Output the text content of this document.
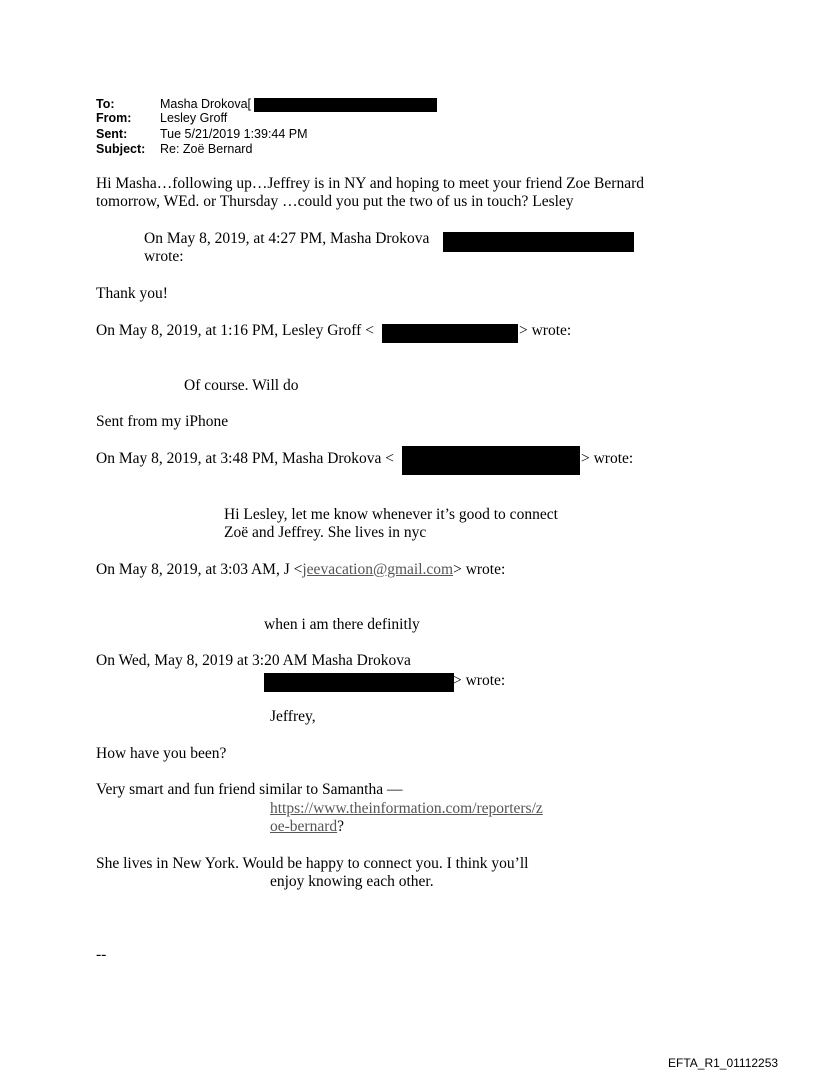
To:	Masha Drokova[
From: Lesley Groff
Sent:	Tue 5/21/2019 1:39:44 PM
Subject: Re: Zoë Bernard
Hi Masha…following up…Jeffrey is in NY and hoping to meet your friend Zoe Bernard
tomorrow, WEd. or Thursday …could you put the two of us in touch? Lesley
On May 8, 2019, at 4:27 PM, Masha Drokova
wrote:
Thank you!
On May 8, 2019, at 1:16 PM, Lesley Groff <	> wrote:
Of course. Will do
Sent from my iPhone
On May 8, 2019, at 3:48 PM, Masha Drokova <	> wrote:
Hi Lesley, let me know whenever it’s good to connect
Zoë and Jeffrey. She lives in nyc
On May 8, 2019, at 3:03 AM, J <jeevacation@gmail.com> wrote:
when i am there definitly
On Wed, May 8, 2019 at 3:20 AM Masha Drokova
> wrote:
Jeffrey,
How have you been?
Very smart and fun friend similar to Samantha —
https://www.theinformation.com/reporters/z
oe-bernard?
She lives in New York. Would be happy to connect you. I think you’ll
enjoy knowing each other.
--
EFTA_R1_01112253
